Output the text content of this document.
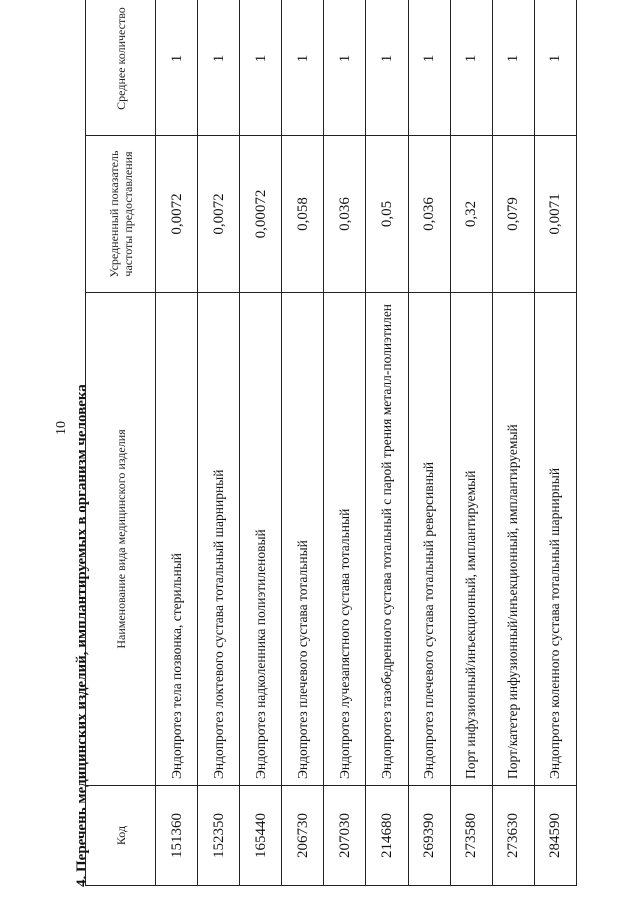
10 4. Перечень медицинских изделий, имплантируемых в организм человека Код	Наименование вида медицинского изделия	Усредненный показатель частоты предоставления	Среднее количество
151360	Эндопротез тела позвонка, стерильный	0,0072	1
152350	Эндопротез локтевого сустава тотальный шарнирный	0,0072	1
165440	Эндопротез надколенника полиэтиленовый	0,00072	1
206730	Эндопротез плечевого сустава тотальный	0,058	1
207030	Эндопротез лучезапястного сустава тотальный	0,036	1
214680	Эндопротез тазобедренного сустава тотальный с парой трения металл-полиэтилен	0,05	1
269390	Эндопротез плечевого сустава тотальный реверсивный	0,036	1
273580	Порт инфузионный/инъекционный, имплантируемый	0,32	1
273630	Порт/катетер инфузионный/инъекционный, имплантируемый	0,079	1
284590	Эндопротез коленного сустава тотальный шарнирный	0,0071	1
